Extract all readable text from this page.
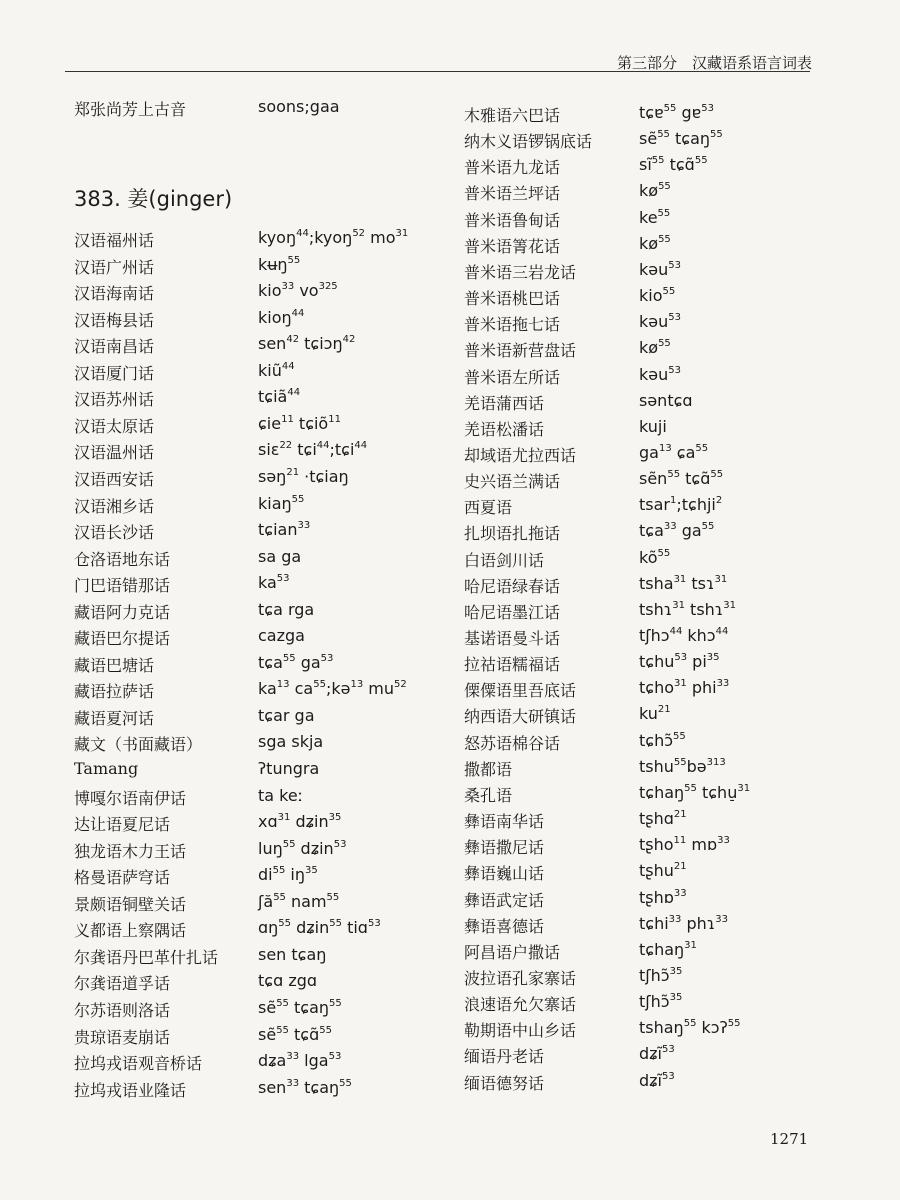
第三部分　汉藏语系语言词表
郑张尚芳上古音	soons;gaa
383. 姜(ginger)
汉语福州话	kyoŋ$^{44}$;kyoŋ$^{52}$ $mo^{31}$
汉语广州话	kʉŋ$^{55}$
汉语海南话	kio$^{33}$ $vo^{325}$
汉语梅县话	kioŋ$^{44}$
汉语南昌话	sen$^{42}$ tɕiɔŋ$^{42}$
汉语厦门话	kiũ$^{44}$
汉语苏州话	tɕiã$^{44}$
汉语太原话	ɕie$^{11}$ tɕiõ$^{11}$
汉语温州话	siɛ$^{22}$ tɕi$^{44}$;tɕi$^{44}$
汉语西安话	səŋ$^{21}$ ·tɕiaŋ
汉语湘乡话	kiaŋ$^{55}$
汉语长沙话	tɕian$^{33}$
仓洛语地东话	sa ga
门巴语错那话	$ka^{53}$
藏语阿力克话	tɕa rga
藏语巴尔提话	cazga
藏语巴塘话	tɕa$^{55}$ $ga^{53}$
藏语拉萨话	$ka^{13}$ $ca^{55};kə^{13}$ $mu^{52}$
藏语夏河话	tɕar ga
藏文（书面藏语）	sga skja
Tamang	ʔtungra
博嘎尔语南伊话	ta keː
达让语夏尼话	xɑ$^{31}$ dʑin$^{35}$
独龙语木力王话	luŋ$^{55}$ dʑin$^{53}$
格曼语萨穹话	$di^{55}$ $iŋ^{35}$
景颇语铜壁关话	ʃă$^{55}$ nam$^{55}$
义都语上察隅话	ɑŋ$^{55}$ dʑin$^{55}$ tiɑ$^{53}$
尔龚语丹巴革什扎话 sen tɕaŋ
尔龚语道孚话	tɕɑ zgɑ
尔苏语则洛话	sẽ$^{55}$ tɕaŋ$^{55}$
贵琼语麦崩话	sẽ$^{55}$ tɕɑ̃$^{55}$
拉坞戎语观音桥话	dʑa$^{33}$ lga$^{53}$
拉坞戎语业隆话	sen$^{33}$ tɕaŋ$^{55}$
木雅语六巴话	tɕɐ$^{55}$ gɐ$^{53}$
纳木义语锣锅底话	sẽ$^{55}$ tɕaŋ$^{55}$
普米语九龙话	$sĩ^{55}$ tɕɑ̃$^{55}$
普米语兰坪话	$kø^{55}$
普米语鲁甸话	$ke^{55}$
普米语箐花话	$kø^{55}$
普米语三岩龙话	kəu$^{53}$
普米语桃巴话	kio$^{55}$
普米语拖七话	kəu$^{53}$
普米语新营盘话	$kø^{55}$
普米语左所话	kəu$^{53}$
羌语蒲西话	səntɕɑ
羌语松潘话	kuji
却域语尤拉西话	$ga^{13}$ ɕa$^{55}$
史兴语兰满话	sẽn$^{55}$ tɕɑ̃$^{55}$
西夏语	tsar$^1$;tɕhji$^2$
扎坝语扎拖话	tɕa$^{33}$ $ga^{55}$
白语剑川话	$kõ^{55}$
哈尼语绿春话	tsha$^{31}$ tsɿ$^{31}$
哈尼语墨江话	tshɿ$^{31}$ tshɿ$^{31}$
基诺语曼斗话	tʃhɔ$^{44}$ khɔ$^{44}$
拉祜语糯福话	tɕhu$^{53}$ $pi^{35}$
傈僳语里吾底话	tɕho$^{31}$ phi$^{33}$
纳西语大研镇话	$ku^{21}$
怒苏语棉谷话	tɕhɔ̃$^{55}$
撒都语	tshu$^{55}$bə$^{313}$
桑孔语	tɕhaŋ$^{55}$ tɕhu̠$^{31}$
彝语南华话	tʂhɑ$^{21}$
彝语撒尼话	tʂho$^{11}$ mɒ$^{33}$
彝语巍山话	tʂhu$^{21}$
彝语武定话	tʂhɒ$^{33}$
彝语喜德话	tɕhi$^{33}$ phɿ$^{33}$
阿昌语户撒话	tɕhaŋ$^{31}$
波拉语孔家寨话	tʃhɔ̃$^{35}$
浪速语允欠寨话	tʃhɔ̃$^{35}$
勒期语中山乡话	tshaŋ$^{55}$ kɔʔ$^{55}$
缅语丹老话	dʑĩ$^{53}$
缅语德努话	dʑĩ$^{53}$
1271
